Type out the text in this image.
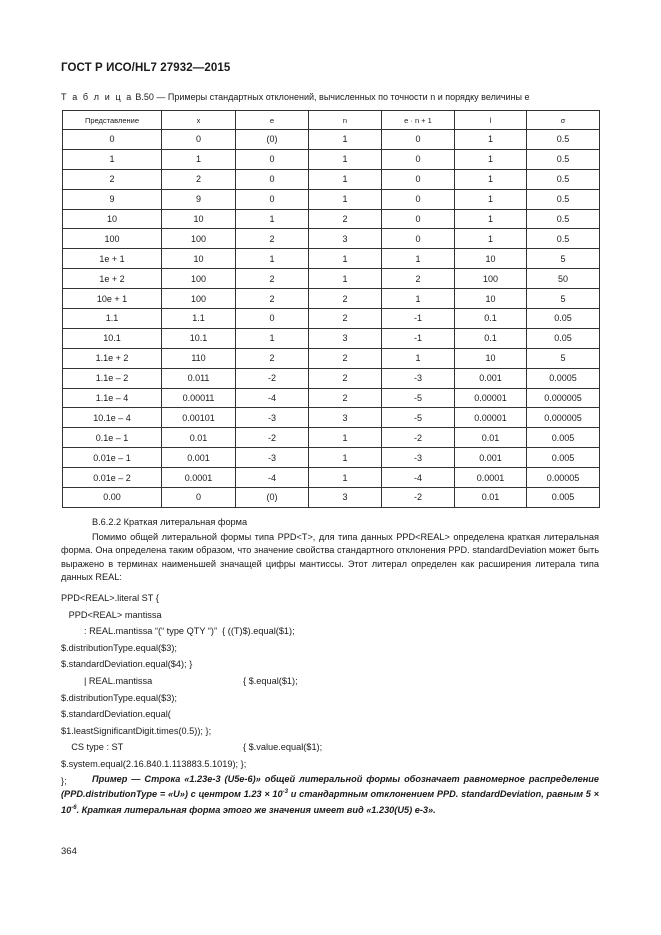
ГОСТ Р ИСО/HL7 27932—2015
Т а б л и ц а В.50 — Примеры стандартных отклонений, вычисленных по точности n и порядку величины е
Представление	x	e	n	e · n + 1	l	σ
0	0	(0)	1	0	1	0.5
1	1	0	1	0	1	0.5
2	2	0	1	0	1	0.5
9	9	0	1	0	1	0.5
10	10	1	2	0	1	0.5
100	100	2	3	0	1	0.5
1e + 1	10	1	1	1	10	5
1e + 2	100	2	1	2	100	50
10e + 1	100	2	2	1	10	5
1.1	1.1	0	2	-1	0.1	0.05
10.1	10.1	1	3	-1	0.1	0.05
1.1e + 2	110	2	2	1	10	5
1.1e – 2	0.011	-2	2	-3	0.001	0.0005
1.1e – 4	0.00011	-4	2	-5	0.00001	0.000005
10.1e – 4	0.00101	-3	3	-5	0.00001	0.000005
0.1e – 1	0.01	-2	1	-2	0.01	0.005
0.01e – 1	0.001	-3	1	-3	0.001	0.005
0.01e – 2	0.0001	-4	1	-4	0.0001	0.00005
0.00	0	(0)	3	-2	0.01	0.005
В.6.2.2 Краткая литеральная форма
Помимо общей литеральной формы типа PPD<T>, для типа данных PPD<REAL> определена краткая литеральная форма. Она определена таким образом, что значение свойства стандартного отклонения PPD. standardDeviation может быть выражено в терминах наименьшей значащей цифры мантиссы. Этот литерал определен как расширения литерала типа данных REAL:
PPD<REAL>.literal ST {
PPD<REAL> mantissa
: REAL.mantissa “(“ type QTY “)”  { ((T)$).equal($1);
$.distributionType.equal($3);
$.standardDeviation.equal($4); }
| REAL.mantissa	{ $.equal($1);
$.distributionType.equal($3);
$.standardDeviation.equal(
$1.leastSignificantDigit.times(0.5)); };
CS type : ST	{ $.value.equal($1);
$.system.equal(2.16.840.1.113883.5.1019); };
};	Пример — Строка «1.23e-3 (U5e-6)» общей литеральной формы обозначает равномерное распределение (PPD.distributionType = «U») с центром $1.23 \times 10^{-3}$ и стандартным отклонением PPD. standardDeviation, равным $5 \times 10^{-6}$. Краткая литеральная форма этого же значения имеет вид «1.230(U5) e-3».
364
